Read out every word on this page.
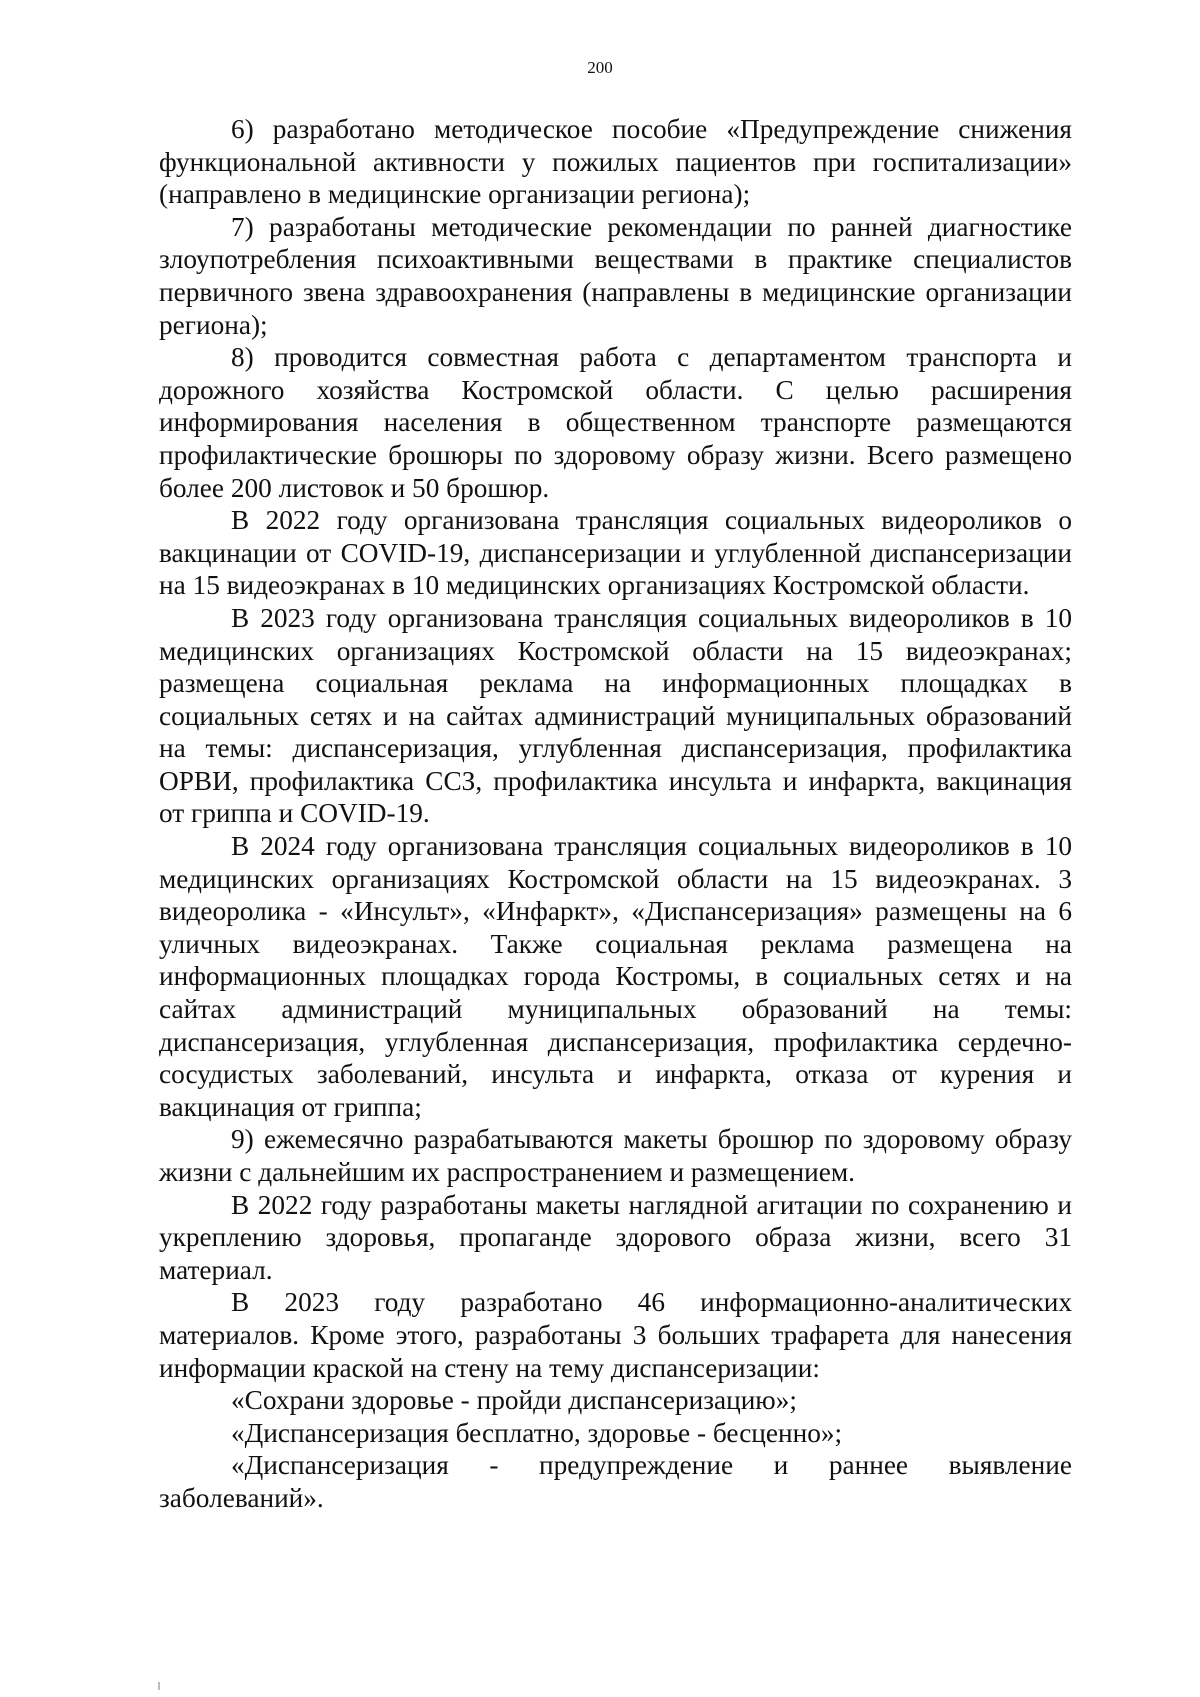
200

6) разработано методическое пособие «Предупреждение снижения функциональной активности у пожилых пациентов при госпитализации» (направлено в медицинские организации региона);

7) разработаны методические рекомендации по ранней диагностике злоупотребления психоактивными веществами в практике специалистов первичного звена здравоохранения (направлены в медицинские организации региона);

8) проводится совместная работа с департаментом транспорта и дорожного хозяйства Костромской области. С целью расширения информирования населения в общественном транспорте размещаются профилактические брошюры по здоровому образу жизни. Всего размещено более 200 листовок и 50 брошюр.

В 2022 году организована трансляция социальных видеороликов о вакцинации от COVID-19, диспансеризации и углубленной диспансеризации на 15 видеоэкранах в 10 медицинских организациях Костромской области.

В 2023 году организована трансляция социальных видеороликов в 10 медицинских организациях Костромской области на 15 видеоэкранах; размещена социальная реклама на информационных площадках в социальных сетях и на сайтах администраций муниципальных образований на темы: диспансеризация, углубленная диспансеризация, профилактика ОРВИ, профилактика ССЗ, профилактика инсульта и инфаркта, вакцинация от гриппа и COVID-19.

В 2024 году организована трансляция социальных видеороликов в 10 медицинских организациях Костромской области на 15 видеоэкранах. 3 видеоролика - «Инсульт», «Инфаркт», «Диспансеризация» размещены на 6 уличных видеоэкранах. Также социальная реклама размещена на информационных площадках города Костромы, в социальных сетях и на сайтах администраций муниципальных образований на темы: диспансеризация, углубленная диспансеризация, профилактика сердечно-сосудистых заболеваний, инсульта и инфаркта, отказа от курения и вакцинация от гриппа;

9) ежемесячно разрабатываются макеты брошюр по здоровому образу жизни с дальнейшим их распространением и размещением.

В 2022 году разработаны макеты наглядной агитации по сохранению и укреплению здоровья, пропаганде здорового образа жизни, всего 31 материал.

В 2023 году разработано 46 информационно-аналитических материалов. Кроме этого, разработаны 3 больших трафарета для нанесения информации краской на стену на тему диспансеризации:

«Сохрани здоровье - пройди диспансеризацию»;

«Диспансеризация бесплатно, здоровье - бесценно»;

«Диспансеризация - предупреждение и раннее выявление заболеваний».
